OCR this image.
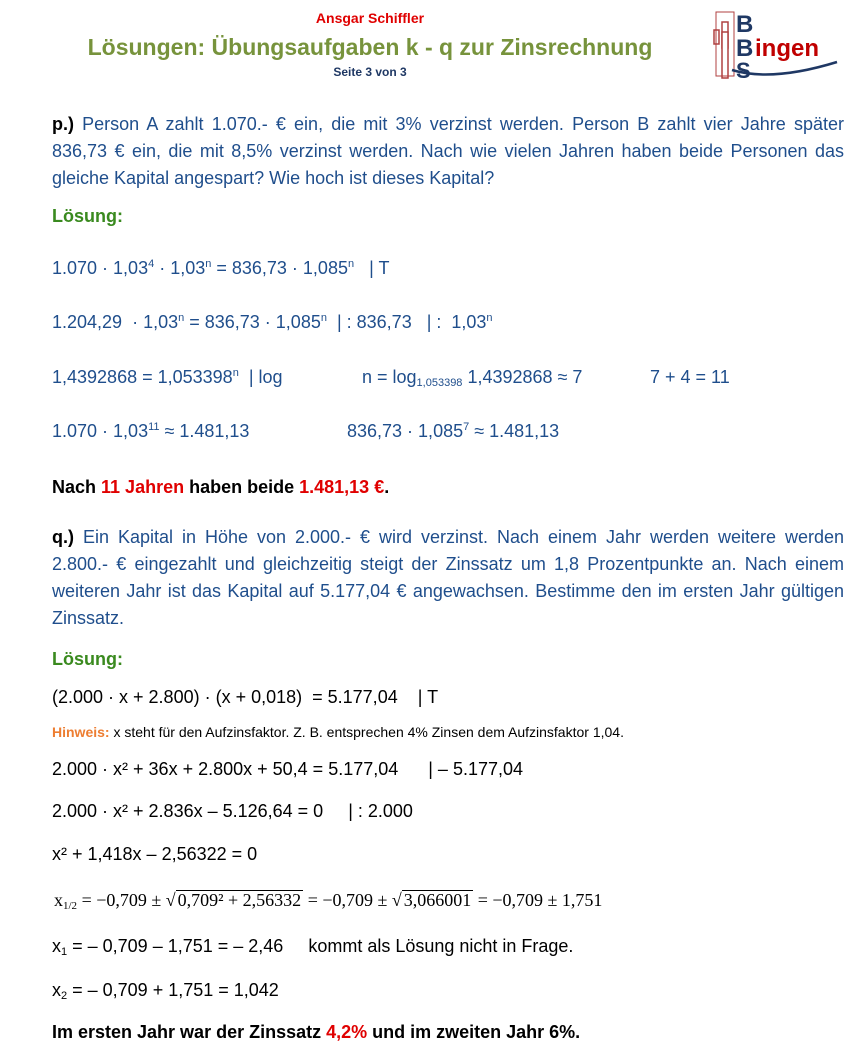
Ansgar Schiffler
Lösungen: Übungsaufgaben k - q zur Zinsrechnung
Seite 3 von 3
B
B
S
ingen
p.) Person A zahlt 1.070.- € ein, die mit 3% verzinst werden. Person B zahlt vier Jahre später 836,73 € ein, die mit 8,5% verzinst werden. Nach wie vielen Jahren haben beide Personen das gleiche Kapital angespart? Wie hoch ist dieses Kapital?
Lösung:
$1.070 \cdot 1,03^4 \cdot 1,03^n = 836,73 \cdot 1,085^n$   | T
$1.204,29 \cdot 1,03^n = 836,73 \cdot 1,085^n$  | : 836,73   | :  1,03$^n$
$1,4392868 = 1,053398^n$  | log	$n = \log_{1,053398} 1,4392868 \approx 7$	7 + 4 = 11
$1.070 \cdot 1,03^{11} \approx 1.481,13$	$836,73 \cdot 1,085^7 \approx 1.481,13$
Nach 11 Jahren haben beide 1.481,13 €.
q.) Ein Kapital in Höhe von 2.000.- € wird verzinst. Nach einem Jahr werden weitere werden 2.800.- € eingezahlt und gleichzeitig steigt der Zinssatz um 1,8 Prozentpunkte an. Nach einem weiteren Jahr ist das Kapital auf 5.177,04 € angewachsen. Bestimme den im ersten Jahr gültigen Zinssatz.
Lösung:
(2.000 · x + 2.800) · (x + 0,018)  = 5.177,04    | T
Hinweis: x steht für den Aufzinsfaktor. Z. B. entsprechen 4% Zinsen dem Aufzinsfaktor 1,04.
2.000 · x² + 36x + 2.800x + 50,4 = 5.177,04      | – 5.177,04
2.000 · x² + 2.836x – 5.126,64 = 0     | : 2.000
x² + 1,418x – 2,56322 = 0
$x_{1/2} = -0,709$ ± √ 0,709² + 2,56332 = −0,709 ± √ 3,066001 = −0,709 ± 1,751
$x_1$ = – 0,709 – 1,751 = – 2,46     kommt als Lösung nicht in Frage.
$x_2$ = – 0,709 + 1,751 = 1,042
Im ersten Jahr war der Zinssatz 4,2% und im zweiten Jahr 6%.
